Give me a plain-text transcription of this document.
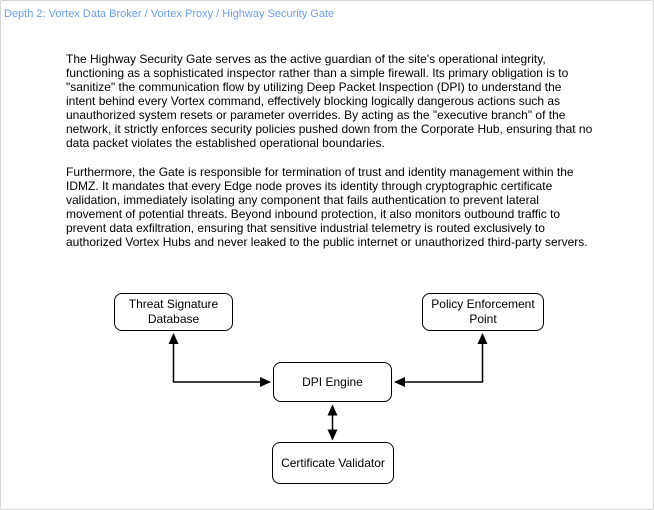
Depth 2: Vortex Data Broker / Vortex Proxy / Highway Security Gate

The Highway Security Gate serves as the active guardian of the site's operational integrity, functioning as a sophisticated inspector rather than a simple firewall. Its primary obligation is to "sanitize" the communication flow by utilizing Deep Packet Inspection (DPI) to understand the intent behind every Vortex command, effectively blocking logically dangerous actions such as unauthorized system resets or parameter overrides. By acting as the "executive branch" of the network, it strictly enforces security policies pushed down from the Corporate Hub, ensuring that no data packet violates the established operational boundaries.

Furthermore, the Gate is responsible for termination of trust and identity management within the IDMZ. It mandates that every Edge node proves its identity through cryptographic certificate validation, immediately isolating any component that fails authentication to prevent lateral movement of potential threats. Beyond inbound protection, it also monitors outbound traffic to prevent data exfiltration, ensuring that sensitive industrial telemetry is routed exclusively to authorized Vortex Hubs and never leaked to the public internet or unauthorized third-party servers.

Threat Signature Database
Policy Enforcement Point
DPI Engine
Certificate Validator
